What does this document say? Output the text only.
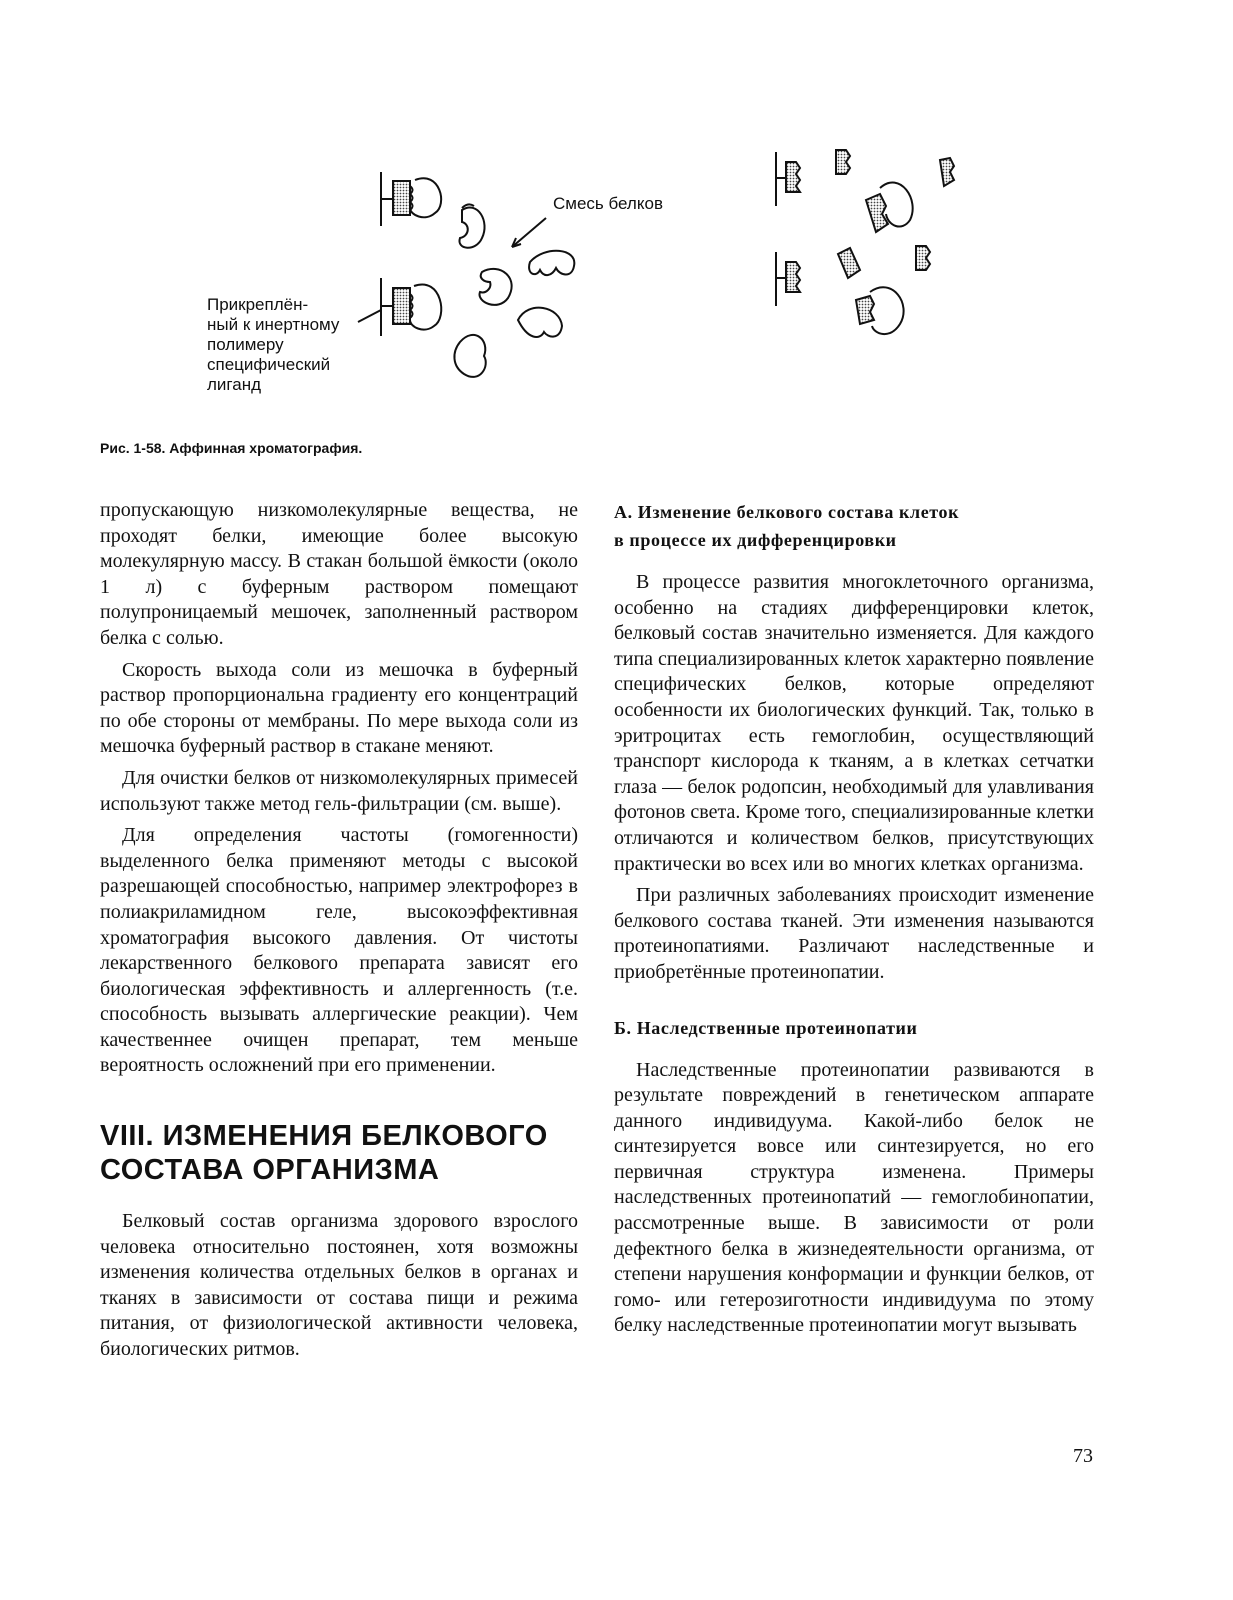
Смесь белков
Прикреплён-
ный к инертному
полимеру
специфический
лиганд
Рис. 1-58. Аффинная хроматография.

пропускающую низкомолекулярные вещества, не проходят белки, имеющие более высокую молекулярную массу. В стакан большой ёмкости (около 1 л) с буферным раствором помещают полупроницаемый мешочек, заполненный раствором белка с солью.

Скорость выхода соли из мешочка в буферный раствор пропорциональна градиенту его концентраций по обе стороны от мембраны. По мере выхода соли из мешочка буферный раствор в стакане меняют.

Для очистки белков от низкомолекулярных примесей используют также метод гель-фильтрации (см. выше).

Для определения частоты (гомогенности) выделенного белка применяют методы с высокой разрешающей способностью, например электрофорез в полиакриламидном геле, высокоэффективная хроматография высокого давления. От чистоты лекарственного белкового препарата зависят его биологическая эффективность и аллергенность (т.е. способность вызывать аллергические реакции). Чем качественнее очищен препарат, тем меньше вероятность осложнений при его применении.

VIII. ИЗМЕНЕНИЯ БЕЛКОВОГО
СОСТАВА ОРГАНИЗМА

Белковый состав организма здорового взрослого человека относительно постоянен, хотя возможны изменения количества отдельных белков в органах и тканях в зависимости от состава пищи и режима питания, от физиологической активности человека, биологических ритмов.

А. Изменение белкового состава клеток
в процессе их дифференцировки

В процессе развития многоклеточного организма, особенно на стадиях дифференцировки клеток, белковый состав значительно изменяется. Для каждого типа специализированных клеток характерно появление специфических белков, которые определяют особенности их биологических функций. Так, только в эритроцитах есть гемоглобин, осуществляющий транспорт кислорода к тканям, а в клетках сетчатки глаза — белок родопсин, необходимый для улавливания фотонов света. Кроме того, специализированные клетки отличаются и количеством белков, присутствующих практически во всех или во многих клетках организма.

При различных заболеваниях происходит изменение белкового состава тканей. Эти изменения называются протеинопатиями. Различают наследственные и приобретённые протеинопатии.

Б. Наследственные протеинопатии

Наследственные протеинопатии развиваются в результате повреждений в генетическом аппарате данного индивидуума. Какой-либо белок не синтезируется вовсе или синтезируется, но его первичная структура изменена. Примеры наследственных протеинопатий — гемоглобинопатии, рассмотренные выше. В зависимости от роли дефектного белка в жизнедеятельности организма, от степени нарушения конформации и функции белков, от гомо- или гетерозиготности индивидуума по этому белку наследственные протеинопатии могут вызывать

73
